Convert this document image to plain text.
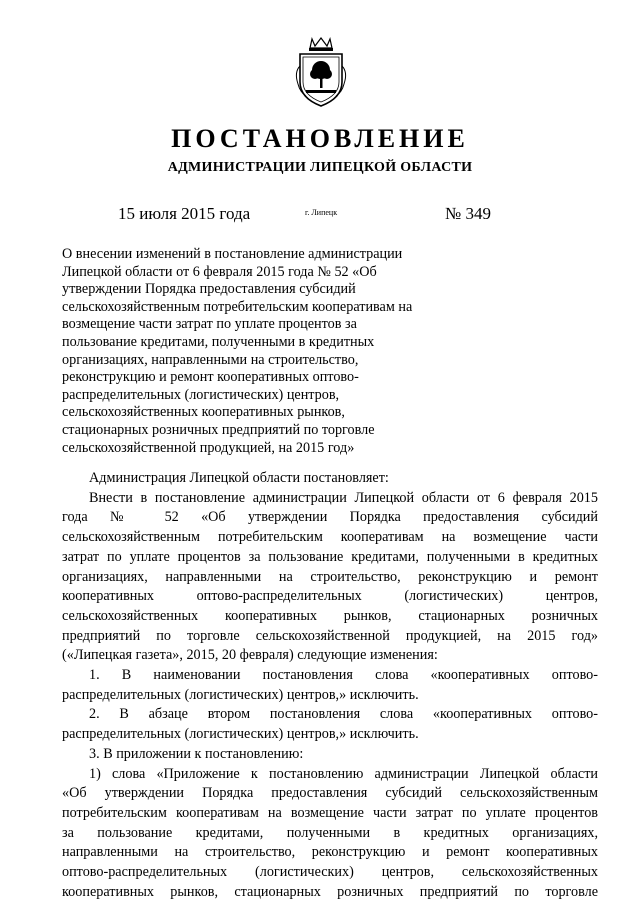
ПОСТАНОВЛЕНИЕ
АДМИНИСТРАЦИИ ЛИПЕЦКОЙ ОБЛАСТИ
15 июля 2015 года	г. Липецк	№ 349
О внесении изменений в постановление администрации
Липецкой области от 6 февраля 2015 года № 52 «Об
утверждении Порядка предоставления субсидий
сельскохозяйственным потребительским кооперативам на
возмещение части затрат по уплате процентов за
пользование кредитами, полученными в кредитных
организациях, направленными на строительство,
реконструкцию и ремонт кооперативных оптово-
распределительных (логистических) центров,
сельскохозяйственных кооперативных рынков,
стационарных розничных предприятий по торговле
сельскохозяйственной продукцией, на 2015 год»
Администрация Липецкой области постановляет:
Внести в постановление администрации Липецкой области от 6 февраля 2015
года № 52 «Об утверждении Порядка предоставления субсидий
сельскохозяйственным потребительским кооперативам на возмещение части
затрат по уплате процентов за пользование кредитами, полученными в кредитных
организациях, направленными на строительство, реконструкцию и ремонт
кооперативных оптово-распределительных (логистических) центров,
сельскохозяйственных кооперативных рынков, стационарных розничных
предприятий по торговле сельскохозяйственной продукцией, на 2015 год»
(«Липецкая газета», 2015, 20 февраля) следующие изменения:
1. В наименовании постановления слова «кооперативных оптово-
распределительных (логистических) центров,» исключить.
2. В абзаце втором постановления слова «кооперативных оптово-
распределительных (логистических) центров,» исключить.
3. В приложении к постановлению:
1) слова «Приложение к постановлению администрации Липецкой области
«Об утверждении Порядка предоставления субсидий сельскохозяйственным
потребительским кооперативам на возмещение части затрат по уплате процентов
за пользование кредитами, полученными в кредитных организациях,
направленными на строительство, реконструкцию и ремонт кооперативных
оптово-распределительных (логистических) центров, сельскохозяйственных
кооперативных рынков, стационарных розничных предприятий по торговле
